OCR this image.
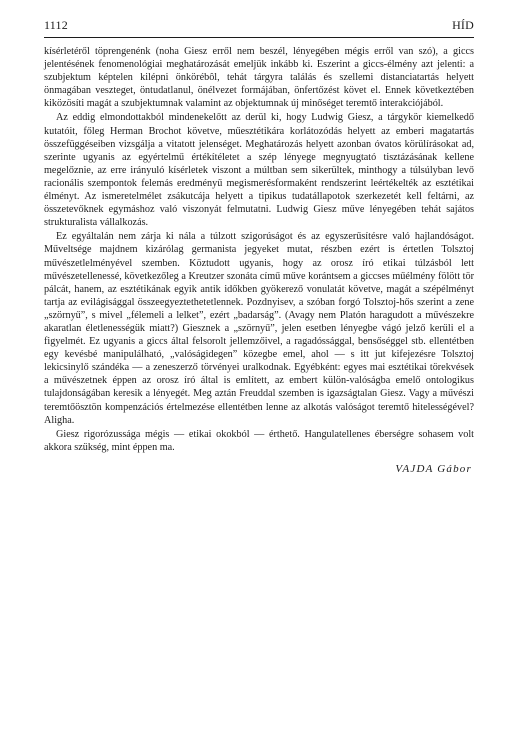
1112	HÍD

kísérletéről töprengenénk (noha Giesz erről nem beszél, lényegében mégis erről van szó), a giccs jelentésének fenomenológiai meghatározását emeljük inkább ki. Eszerint a giccs-élmény azt jelenti: a szubjektum képtelen kilépni önkörébôl, tehát tárgyra találás és szellemi distanciatartás helyett önmagában veszteget, öntudatlanul, önélvezet formájában, önfertőzést követ el. Ennek következtében kiközösíti magát a szubjektumnak valamint az objektumnak új minőséget teremtő interakciójából.

Az eddig elmondottakból mindenekelőtt az derül ki, hogy Ludwig Giesz, a tárgykör kiemelkedő kutatóit, főleg Herman Brochot követve, műesztétikára korlátozódás helyett az emberi magatartás összefüggéseiben vizsgálja a vitatott jelenséget. Meghatározás helyett azonban óvatos körülírásokat ad, szerinte ugyanis az egyértelmű értékítéletet a szép lényege megnyugtató tisztázásának kellene megelőznie, az erre irányuló kísérletek viszont a múltban sem sikerültek, minthogy a túlsúlyban levő racionális szempontok felemás eredményű megismerésformaként rendszerint leértékelték az esztétikai élményt. Az ismeretelmélet zsákutcája helyett a tipikus tudatállapotok szerkezetét kell feltárni, az összetevőknek egymáshoz való viszonyát felmutatni. Ludwig Giesz műve lényegében tehát sajátos strukturalista vállalkozás.

Ez egyáltalán nem zárja ki nála a túlzott szigorúságot és az egyszerűsítésre való hajlandóságot. Műveltsége majdnem kizárólag germanista jegyeket mutat, részben ezért is értetlen Tolsztoj művészetlelményével szemben. Köztudott ugyanis, hogy az orosz író etikai túlzásból lett művészetellenessé, következőleg a Kreutzer szonáta című műve korántsem a giccses műélmény fölött tör pálcát, hanem, az esztétikának egyik antik időkben gyökerező vonulatát követve, magát a szépélményt tartja az evilágisággal összeegyeztethetetlennek. Pozdnyisev, a szóban forgó Tolsztoj-hős szerint a zene „szörnyű”, s mivel „félemeli a lelket”, ezért „badarság”. (Avagy nem Platón haragudott a művészekre akaratlan életlenességük miatt?) Giesznek a „szörnyű”, jelen esetben lényegbe vágó jelző kerüli el a figyelmét. Ez ugyanis a giccs által felsorolt jellemzőivel, a ragadóssággal, bensőséggel stb. ellentétben egy kevésbé manipulálható, „valóságidegen” közegbe emel, ahol — s itt jut kifejezésre Tolsztoj lekicsinylő szándéka — a zeneszerző törvényei uralkodnak. Egyébként: egyes mai esztétikai törekvések a művészetnek éppen az orosz író által is említett, az embert külön-valóságba emelő ontologikus tulajdonságában keresik a lényegét. Meg aztán Freuddal szemben is igazságtalan Giesz. Vagy a művészi teremtőösztön kompenzációs értelmezése ellentétben lenne az alkotás valóságot teremtő hitelességével? Aligha.

Giesz rigorózussága mégis — etikai okokból — érthető. Hangulatellenes éberségre sohasem volt akkora szükség, mint éppen ma.

VAJDA Gábor
